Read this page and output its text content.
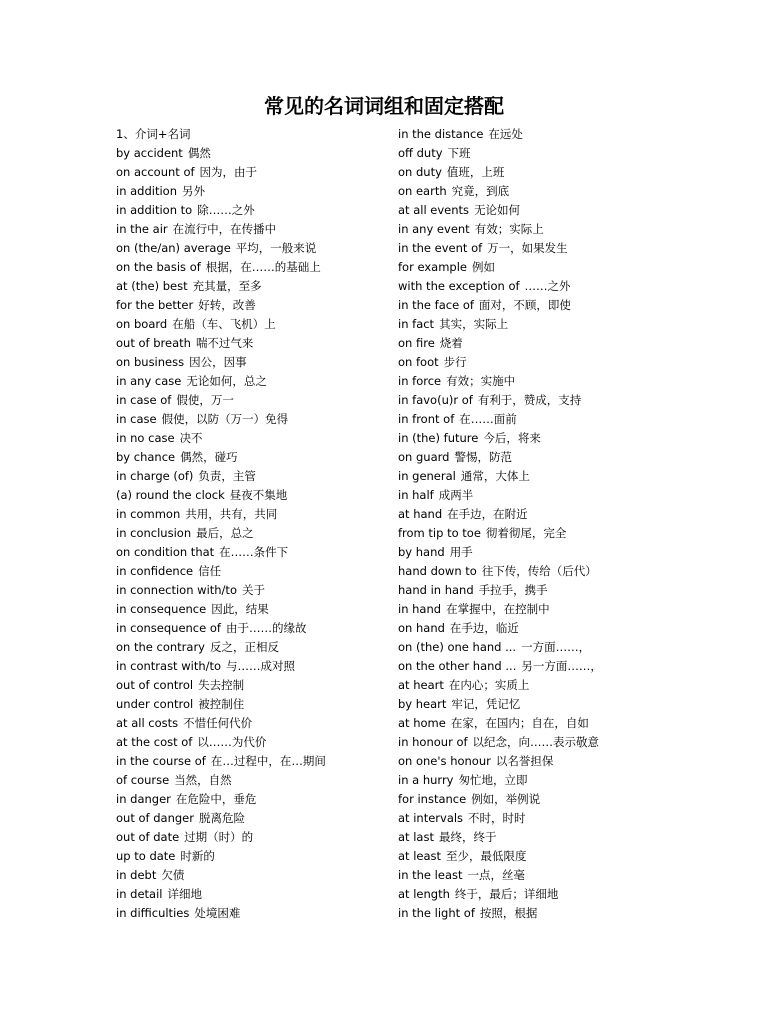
常见的名词词组和固定搭配
1、介词+名词
by accident 偶然
on account of 因为，由于
in addition 另外
in addition to 除……之外
in the air 在流行中，在传播中
on (the/an) average 平均，一般来说
on the basis of 根据，在……的基础上
at (the) best 充其量，至多
for the better 好转，改善
on board 在船（车、飞机）上
out of breath 喘不过气来
on business 因公，因事
in any case 无论如何，总之
in case of 假使，万一
in case 假使，以防（万一）免得
in no case 决不
by chance 偶然，碰巧
in charge (of) 负责，主管
(a) round the clock 昼夜不集地
in common 共用，共有，共同
in conclusion 最后，总之
on condition that 在……条件下
in confidence 信任
in connection with/to 关于
in consequence 因此，结果
in consequence of 由于……的缘故
on the contrary 反之，正相反
in contrast with/to 与……成对照
out of control 失去控制
under control 被控制住
at all costs 不惜任何代价
at the cost of 以……为代价
in the course of 在…过程中，在…期间
of course 当然，自然
in danger 在危险中，垂危
out of danger 脱离危险
out of date 过期（时）的
up to date 时新的
in debt 欠债
in detail 详细地
in difficulties 处境困难
in the distance 在远处
off duty 下班
on duty 值班，上班
on earth 究竟，到底
at all events 无论如何
in any event 有效；实际上
in the event of 万一，如果发生
for example 例如
with the exception of ……之外
in the face of 面对，不顾，即使
in fact 其实，实际上
on fire 烧着
on foot 步行
in force 有效；实施中
in favo(u)r of 有利于，赞成，支持
in front of 在……面前
in (the) future 今后，将来
on guard 警惕，防范
in general 通常，大体上
in half 成两半
at hand 在手边，在附近
from tip to toe 彻着彻尾，完全
by hand 用手
hand down to 往下传，传给（后代）
hand in hand 手拉手，携手
in hand 在掌握中，在控制中
on hand 在手边，临近
on (the) one hand ... 一方面……，
on the other hand ... 另一方面……，
at heart 在内心；实质上
by heart 牢记，凭记忆
at home 在家，在国内；自在，自如
in honour of 以纪念，向……表示敬意
on one's honour 以名誉担保
in a hurry 匆忙地，立即
for instance 例如，举例说
at intervals 不时，时时
at last 最终，终于
at least 至少，最低限度
in the least 一点，丝毫
at length 终于，最后；详细地
in the light of 按照，根据
